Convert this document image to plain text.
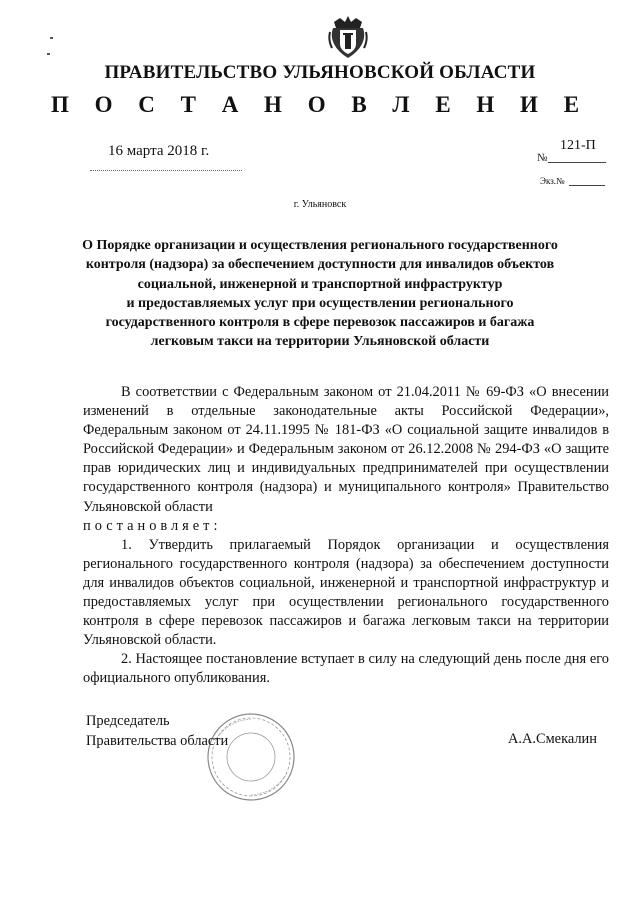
ПРАВИТЕЛЬСТВО УЛЬЯНОВСКОЙ ОБЛАСТИ
П О С Т А Н О В Л Е Н И Е
16 марта 2018 г.	121-П
№
Экз.№
г. Ульяновск
О Порядке организации и осуществления регионального государственного
контроля (надзора) за обеспечением доступности для инвалидов объектов
социальной, инженерной и транспортной инфраструктур
и предоставляемых услуг при осуществлении регионального
государственного контроля в сфере перевозок пассажиров и багажа
легковым такси на территории Ульяновской области

В соответствии с Федеральным законом от 21.04.2011 № 69-ФЗ «О внесении изменений в отдельные законодательные акты Российской Федерации», Федеральным законом от 24.11.1995 № 181-ФЗ «О социальной защите инвалидов в Российской Федерации» и Федеральным законом от 26.12.2008 № 294-ФЗ «О защите прав юридических лиц и индивидуальных предпринимателей при осуществлении государственного контроля (надзора) и муниципального контроля» Правительство Ульяновской области

постановляет:

1. Утвердить прилагаемый Порядок организации и осуществления регионального государственного контроля (надзора) за обеспечением доступности для инвалидов объектов социальной, инженерной и транспортной инфраструктур и предоставляемых услуг при осуществлении регионального государственного контроля в сфере перевозок пассажиров и багажа легковым такси на территории Ульяновской области.

2. Настоящее постановление вступает в силу на следующий день после дня его официального опубликования.

Председатель
Правительства области	А.А.Смекалин
